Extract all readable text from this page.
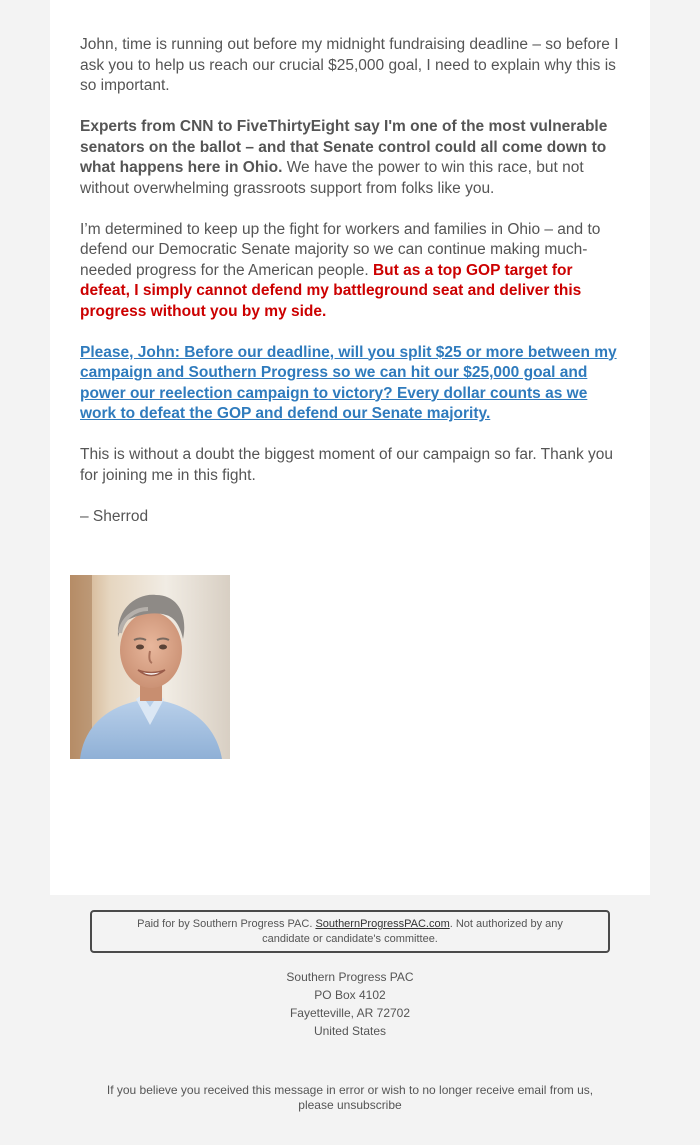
John, time is running out before my midnight fundraising deadline – so before I ask you to help us reach our crucial $25,000 goal, I need to explain why this is so important.

Experts from CNN to FiveThirtyEight say I'm one of the most vulnerable senators on the ballot – and that Senate control could all come down to what happens here in Ohio. We have the power to win this race, but not without overwhelming grassroots support from folks like you.

I’m determined to keep up the fight for workers and families in Ohio – and to defend our Democratic Senate majority so we can continue making much-needed progress for the American people. But as a top GOP target for defeat, I simply cannot defend my battleground seat and deliver this progress without you by my side.

Please, John: Before our deadline, will you split $25 or more between my campaign and Southern Progress so we can hit our $25,000 goal and power our reelection campaign to victory? Every dollar counts as we work to defeat the GOP and defend our Senate majority.

This is without a doubt the biggest moment of our campaign so far. Thank you for joining me in this fight.

– Sherrod

Paid for by Southern Progress PAC. SouthernProgressPAC.com. Not authorized by any candidate or candidate's committee.
Southern Progress PAC
PO Box 4102
Fayetteville, AR 72702
United States
If you believe you received this message in error or wish to no longer receive email from us,
please unsubscribe
